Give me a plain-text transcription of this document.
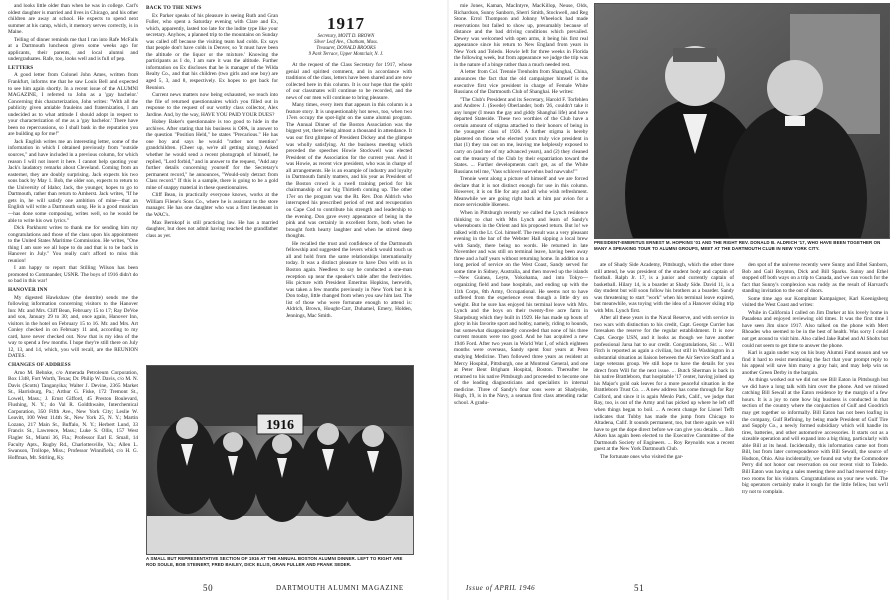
and looks little older than when he was in college. Carl's oldest daughter is married and lives in Chicago, and his other children are away at school. He expects to spend next summer at his camp, which, it memory serves correctly, is in Maine.

Telling of dinner reminds me that I ran into Rafe McFalls at a Dartmouth luncheon given some weeks ago for applicants, their parents, and local alumni and undergraduates. Rafe, too, looks well and is full of pep.

LETTERS

A good letter from Colonel John Ames, written from Frankfurt, informs me that he saw Louis Bell and expected to see him again shortly. In a recent issue of the ALUMNI MAGAZINE, I referred to John as a 'gay bachelor.' Concerning this characterization, John writes: "With all the publicity given amiable frauleins and fraternization, I am undecided as to what attitude I should adopt in respect to your characterization of me as a 'gay bachelor.' There have been no repercussions, so I shall bask in the reputation you are building up for me!"

Jack English writes me an interesting letter, some of the information in which I obtained previously from "outside sources," and have included in a previous column, for which reason I will not insert it here. I cannot help quoting your Jack's laudatory remarks about Cleveland. Coming from an easterner, they are doubly surprising. Jack expects his two sons back by May 1. Bob, the older son, expects to return to the University of Idaho; Jack, the younger, hopes to go to Dartmouth, rather than return to Amherst. Jack writes, "If he gets in, he will satisfy one ambition of mine—that an English will write a Dartmouth song. He is a good musician—has done some composing, writes well, so he would be able to write his own lyrics."

Dick Parkhurst writes to thank me for sending him my congratulations and those of the class upon his appointment to the United States Maritime Commission. He writes, "One thing I am sure we all hope to do and that is to be back in Hanover in July." You really can't afford to miss this reunion!

I am happy to report that Stilling Wilson has been promoted to Commander, USNR. The boys of 1916 didn't do so bad in this war!

HANOVER INN

My digested Hawkshaw (the dentrite) sends me the following information concerning visitors to the Hanover Inn: Mr. and Mrs. Cliff Bean, February 15 to 17; Ray DeVoe and son, January 29 to 30; and, once again, Hanover Inn, visitors in the hotel on February 15 to 16. Mr. and Mrs. Art Conley checked in on February 11 and, according to my card, have never checked out. Now that is my idea of the way to spend a few months. I hope they're still there on July 12, 13, and 14, which, you will recall, are the REUNION DATES.

CHANGES OF ADDRESS

Arno M. Behnke, c/o Amerada Petroleum Corporation, Box 1348, Fort Worth, Texas; Dr. Philip W. Davis, c/o M. N. Davis (Scotts) Tanganyika; Walter J. Devine, 2365 Market St., Harrisburg, Pa.; Arthur G. Fiske, 172 Tremont St., Lowell, Mass.; J. Ernst Gifford, 45 Preston Boulevard, Flushing, N. Y.; do Val R. Goldthwaite, Interchemical Corporation, 350 Fifth Ave., New York City; Leslie W. Leavitt, 100 West 114th St., New York 25, N. Y.; Martin Lozano, 217 Main St., Buffalo, N. Y.; Herbert Lund, 33 Francis St., Lawrence, Mass.; Luke S. Ollis, 157 West Flagler St., Miami 36, Fla.; Professor Earl E. Small, 14 Faculty Apts., Rugby Rd., Charlottesville, Va.; Allen L. Swanson, Trollope, Miss.; Professor Winnifield, c/o H. G. Hoffman, Mt. Stirling, Ky.

BACK TO THE NEWS

Ex Parker speaks of his pleasure in seeing Ruth and Gran Fuller, who spent a Saturday evening with Clare and Ex, which, apparently, lasted too late for the indite type like your secretary. Anyhow, a planned trip to the mountains on Sunday was called off because the visiting team had colds. Ex says that people don't have colds in Denver, so 'it must have been the altitude or the liquor or the mixture.' Knowing the participants as I do, I am sure it was the altitude. Further information on Ex discloses that he is manager of the Wilda Realty Co., and that his children (two girls and one boy) are aged 5, 3, and 8, respectively. Ex hopes to get back for Reunion.

Current news matters now being exhausted, we reach into the file of returned questionnaires which you filled out in response to the request of our worthy class collector, Alex Jardine. And, by the way, HAVE YOU PAID YOUR DUES?

Hobey Baker's questionnaire is too good to hide in the archives. After stating that his business is OPA, in answer to the question "Position Held," he states "Precarious." He has one boy and says he would "rather not mention" grandchildren. (Cheer up, we're all getting along.) Asked whether he would send a recent photograph of himself, he replied, "Lord forbid," and in answer to the request, "Add any further details concerning yourself for the Secretary's permanent record," he announces, "Would-only detract from Class record." If this is a sample, there is going to be a gold mine of snappy material in these questionnaires.

Cliff Bean, in practically everyone knows, works at the William Filene's Sons Co., where he is assistant to the store manager. He has one daughter who was a first lieutenant in the WAC's.

Max Bernkopf is still practicing law. He has a married daughter, but does not admit having reached the grandfather class as yet.

1917
Secretary, MOTT D. BROWN
Silver Leaf Ave., Chatham, Mass.
Treasurer, DONALD BROOKS
9 Park Terrace, Upper Montclair, N. J.

At the request of the Class Secretary for 1917, whose genial and spirited comment, and in accordance with traditions of the class, letters have been shared and are now collected here in this column. It is our hope that the spirit of our classmates will continue to be recorded, and the news of our men will continue to bring pleasure.

Many times, every item that appears in this column is a feature story. It is unquestionably hot news, too, when two 17ers occupy the spot-light on the same alumni program. The Annual Dinner of the Boston Association was the biggest yet, there being almost a thousand in attendance. It was our first glimpse of President Dickey and the glimpse was wholly satisfying. At the business meeting which preceded the speeches Howie Stockwell was elected President of the Association for the current year. And it was Howie, as recent vice president, who was in charge of all arrangements. He is an example of industry and loyalty in Dartmouth family matters, and his year as President of the Boston crowd is a swell training period for his chairmanship of our big Thirtieth coming up. The other 17er on the program was the Rt. Rev. Don Aldrich who interrupted his prescribed period of rest and recuperation on Cape Cod to contribute his strength and leadership to the evening. Don gave every appearance of being in the pink and was certainly in excellent form, both when he brought forth hearty laughter and when he stirred deep thoughts.

He recalled the trust and confidence of the Dartmouth fellowship and suggested the levers which would touch us all and hold from the same relationships internationally today. It was a distinct pleasure to have Don with us in Boston again. Needless to say he conducted a one-man reception up near the speaker's table after the festivities. His picture with President Emeritus Hopkins, herewith, was taken a few months previously in New York but it is Don today, little changed from when you saw him last. The list of those who were fortunate enough to attend is: Aldrich, Brown, Hought-Carr, Duhamel, Emery, Holden, Jennings, Mac Smith.

1916
A SMALL BUT REPRESENTATIVE SECTION OF 1916 AT THE ANNUAL BOSTON ALUMNI DINNER. LEFT TO RIGHT ARE ROD SOULE, BOB STEINERT, FRED BAILEY, DICK ELLIS, GRAN FULLER AND FRANK SEDER.

mie Jones, Kaman, MacIntyre, MacKillop, Neuse, Olds, Richardson, Sunny Sanborn, Sherri Smith, Stockwell, and Reg Stone. Errol Thompson and Johnny Wheelock had made reservations but failed to show up, presumably because of distance and the bad driving conditions which prevailed. Dewey was welcomed with open arms, it being his first real appearance since his return to New England from years in New York and Toledo. Howie left for three weeks in Florida the following week, but from appearance we judge the trip was in the nature of a binge rather than a much needed rest.

A letter from Col. Trennie Trenholm from Shanghai, China, announces the fact that the old campaigner himself is the executive first vice president in charge of Female White Russians of the Dartmouth Club of Shanghai. He writes:

"The Club's President and its Secretary, Harold F. Torfehlen and Andrew J. (Swede) Oberlander, both '26, couldn't take it any longer (I mean the gay and giddy Shanghai life) and have departed Stateside. These two worthies of the Club have a certain amount of stigma attached to their honors of being in the youngster class of 1926. A further stigma is hereby plastered on those who elected yours truly vice president in that (1) they ran out on me, leaving me helplessly exposed to carry on (and me of my advanced years), and (2) they cleaned out the treasury of the Club by their expatriation toward the States. ... Further developments can't get, as of the White Russians tell me, 'Vass schlovel nawvehns bud nawvahs!'"

Trennie went along a picture of himself and we are forced declare that it is not distinct enough for use in this column. However, it is on file for any and all who wish refreshment. Meanwhile we are going right back at him par avion for a more serviceable likeness.

When in Pittsburgh recently we called the Lynch residence thinking to chat with Mrs Lynch and learn of Sandy's whereabouts in the Orient and his proposed return. But lo! we talked with the Lt. Col. himself. The result was a very pleasant evening in the bar of the Webster Hall sipping a local brew with Sandy, there being no words. He returned in late November and was still on terminal leave, having been away three and a half years without returning home. In addition to a long period of service on the West Coast, Sandy served for some time in Sidney, Australia, and then moved up the islands—New Guinea, Leyte, Yokohama, and into Tokyo—organizing field and base hospitals, and ending up with the 11th Corps, 8th Army, Occupational. He seems not to have suffered from the experience even though a little dry on weight. But he sure has enjoyed his terminal leave with Mrs. Lynch and the boys on their twenty-five acre farm in Sharpsburg which they built in 1929. He has made up bouts of glory in his favorite sport and hobby, namely, riding to hounds, but somewhat disappointedly conceded that none of his three current mounts were too good. And he has acquired a new 1946 Ford. After two years in World War I, of which eighteen months were overseas, Sandy spent four years at Penn studying Medicine. Then followed three years as resident at Mercy Hospital, Pittsburgh, one at Montreal General, and one at Peter Bent Brigham Hospital, Boston. Thereafter he returned to his native Pittsburgh and proceeded to become one of the leading diagnosticians and specialists in internal medicine. Three of Sandy's four sons were at Shadyside, Hugh, 19, is in the Navy, a seaman first class attending radar school. A gradu-

PRESIDENT-EMERITUS ERNEST M. HOPKINS '01 AND THE RIGHT REV. DONALD B. ALDRICH '17, WHO HAVE BEEN TOGETHER ON MANY A SPEAKING TOUR TO ALUMNI GROUPS, MEET AT THE DARTMOUTH CLUB IN NEW YORK CITY.

ate of Shady Side Academy, Pittsburgh, which the other three still attend, he was president of the student body and captain of football. Ralph Jr. 17, is a junior and currently captain of basketball. Hilary 14, is a boarder at Shady Side. David 11, is a day student but will soon follow his brothers as a boarder. Sandy was threatening to start "work" when his terminal leave expired, but meanwhile, was toying with the idea of a Hanover skiing trip with Mrs. Lynch first.

After all these years in the Naval Reserve, and with service in two wars with distinction to his credit, Capt. George Currier has foresaken the reserve for the regular establishment. It is now Capt. George USN, and it looks as though we have another professional Jarsa hat to our credit. Congratulations, Sir. ... Will Fitch is reported as again a civilian, but still in Washington in a substantial situation as liaison between the Air Service Staff and a large veterans group. We still hope to have the details for you direct from Will for the next issue. ... Butch Sherman is back in his native Brattleboro, that hospitable '17 center, having joined up his Major's gold oak leaves for a more peaceful situation in the Brattleboro Trust Co. ... A new address has come through for Ray Colford, and since it is again Menlo Park, Calif., we judge that Ray, too, is out of the Army and has picked up where he left off when things began to boil. ... A recent change for Lionel Tefft indicates that Tubby has made the jump from Chicago to Altadena, Calif. It sounds permanent, too, but there again we will have to get the dope direct before we can give you details. ... Bob Aiken has again been elected to the Executive Committee of the Dartmouth Society of Engineers. ... Roy Reynolds was a recent guest at the New York Dartmouth Club.

The fortunate ones who visited the gar-

den spot of the universe recently were Sunny and Ethel Sanborn, Bob and Gail Boynton, Dick and Bill Sparks. Sunny and Ethel stopped off both ways on a trip to Canada, and we can vouch for the fact that Sunny's complexion was ruddy as the result of Harvard's standing invitation to the out of doors.

Some time ago our Kompitant Kampaigner, Karl Koenigsberg visited the West Coast and writes:

While in California I called on Jim Darker at his lovely home in Pasadena and enjoyed reviewing old times. It was the first time I have seen Jim since 1917. Also talked on the phone with Mert Rhoades who seemed to be in the best of health. Was sorry I could not get around to visit him. Also called Jake Rabel and Al Sholts but could not seem to get time to answer the phone.

Karl is again under way on his busy Alumni Fund season and we find it hard to resist mentioning the fact that your prompt reply to his appeal will save him many a gray hair, and may help win us another Green Derby in the bargain.

As things worked out we did not see Bill Eaton in Pittsburgh but we did have a long talk with him over the phone. And we missed catching Bill Sewall at the Eaton residence by the margin of a few hours. It is a joy to note how big business is conducted in that section of the country where the conjunction of Gulf and Goodrich may get together so informally. Bill Eaton has not been loafing in the company, Gulf Refining, by being made President of Gulf Tire and Supply Co., a newly formed subsidiary which will handle its tires, batteries, and other automotive accessories. It starts out as a sizeable operation and will expand into a big thing, particularly with able Bill at its head. Incidentally, this information came not from Bill, but from later correspondence with Bill Sewall, the source of Hudson, Ohio. Also incidentally, we found out why the Commodore Perry did not honor our reservation on our recent visit to Toledo. Bill Eaton was having a sales meeting there and had reserved thirty-two rooms for his visitors. Congratulations on your new work. The big operators certainly make it tough for the little fellow, but we'll try not to complain.

50	DARTMOUTH ALUMNI MAGAZINE	Issue of APRIL 1946	51
